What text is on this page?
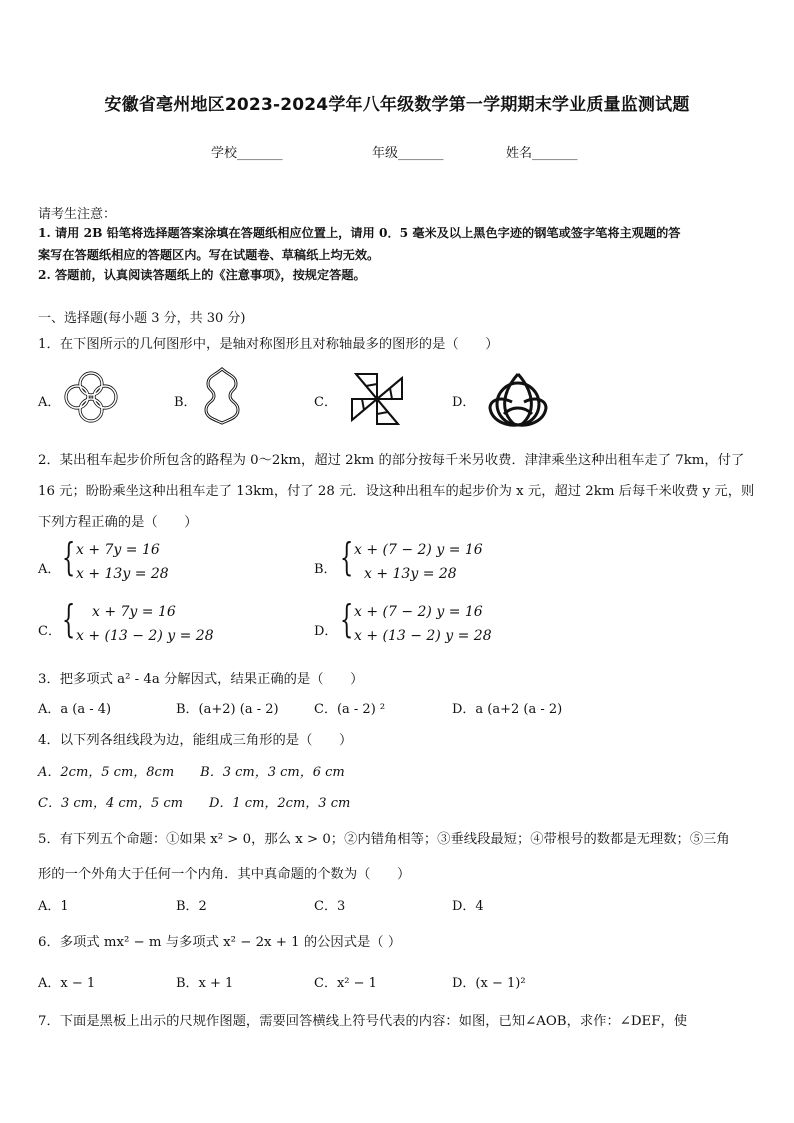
安徽省亳州地区2023-2024学年八年级数学第一学期期末学业质量监测试题
学校_______	年级_______	姓名_______
请考生注意：
1. 请用 2B 铅笔将选择题答案涂填在答题纸相应位置上，请用 0．5 毫米及以上黑色字迹的钢笔或签字笔将主观题的答
案写在答题纸相应的答题区内。写在试题卷、草稿纸上均无效。
2. 答题前，认真阅读答题纸上的《注意事项》，按规定答题。
一、选择题(每小题 3 分，共 30 分)
1．在下图所示的几何图形中，是轴对称图形且对称轴最多的图形的是（　　）
A．	B．	C．	D．
2．某出租车起步价所包含的路程为 0～2km，超过 2km 的部分按每千米另收费．津津乘坐这种出租车走了 7km，付了
16 元；盼盼乘坐这种出租车走了 13km，付了 28 元．设这种出租车的起步价为 x 元，超过 2km 后每千米收费 y 元，则
下列方程正确的是（　　）
A． { x + 7y = 16
x + 13y = 28	B． { x + (7 − 2) y = 16
x + 13y = 28
C． { x + 7y = 16
x + (13 − 2) y = 28	D． { x + (7 − 2) y = 16
x + (13 − 2) y = 28
3．把多项式 a² - 4a 分解因式，结果正确的是（　　）
A．a (a - 4)	B．(a+2) (a - 2)	C．(a - 2) ²	D．a (a+2 (a - 2)
4．以下列各组线段为边，能组成三角形的是（　　）
A．2cm，5 cm，8cm　　B．3 cm，3 cm，6 cm
C．3 cm，4 cm，5 cm　　D．1 cm，2cm，3 cm
5．有下列五个命题：①如果 x² > 0，那么 x > 0；②内错角相等；③垂线段最短；④带根号的数都是无理数；⑤三角
形的一个外角大于任何一个内角．其中真命题的个数为（　　）
A．1	B．2	C．3	D．4
6．多项式 mx² − m 与多项式 x² − 2x + 1 的公因式是（ ）
A．x − 1	B．x + 1	C．x² − 1	D．(x − 1)²
7．下面是黑板上出示的尺规作图题，需要回答横线上符号代表的内容：如图，已知∠AOB，求作：∠DEF，使
